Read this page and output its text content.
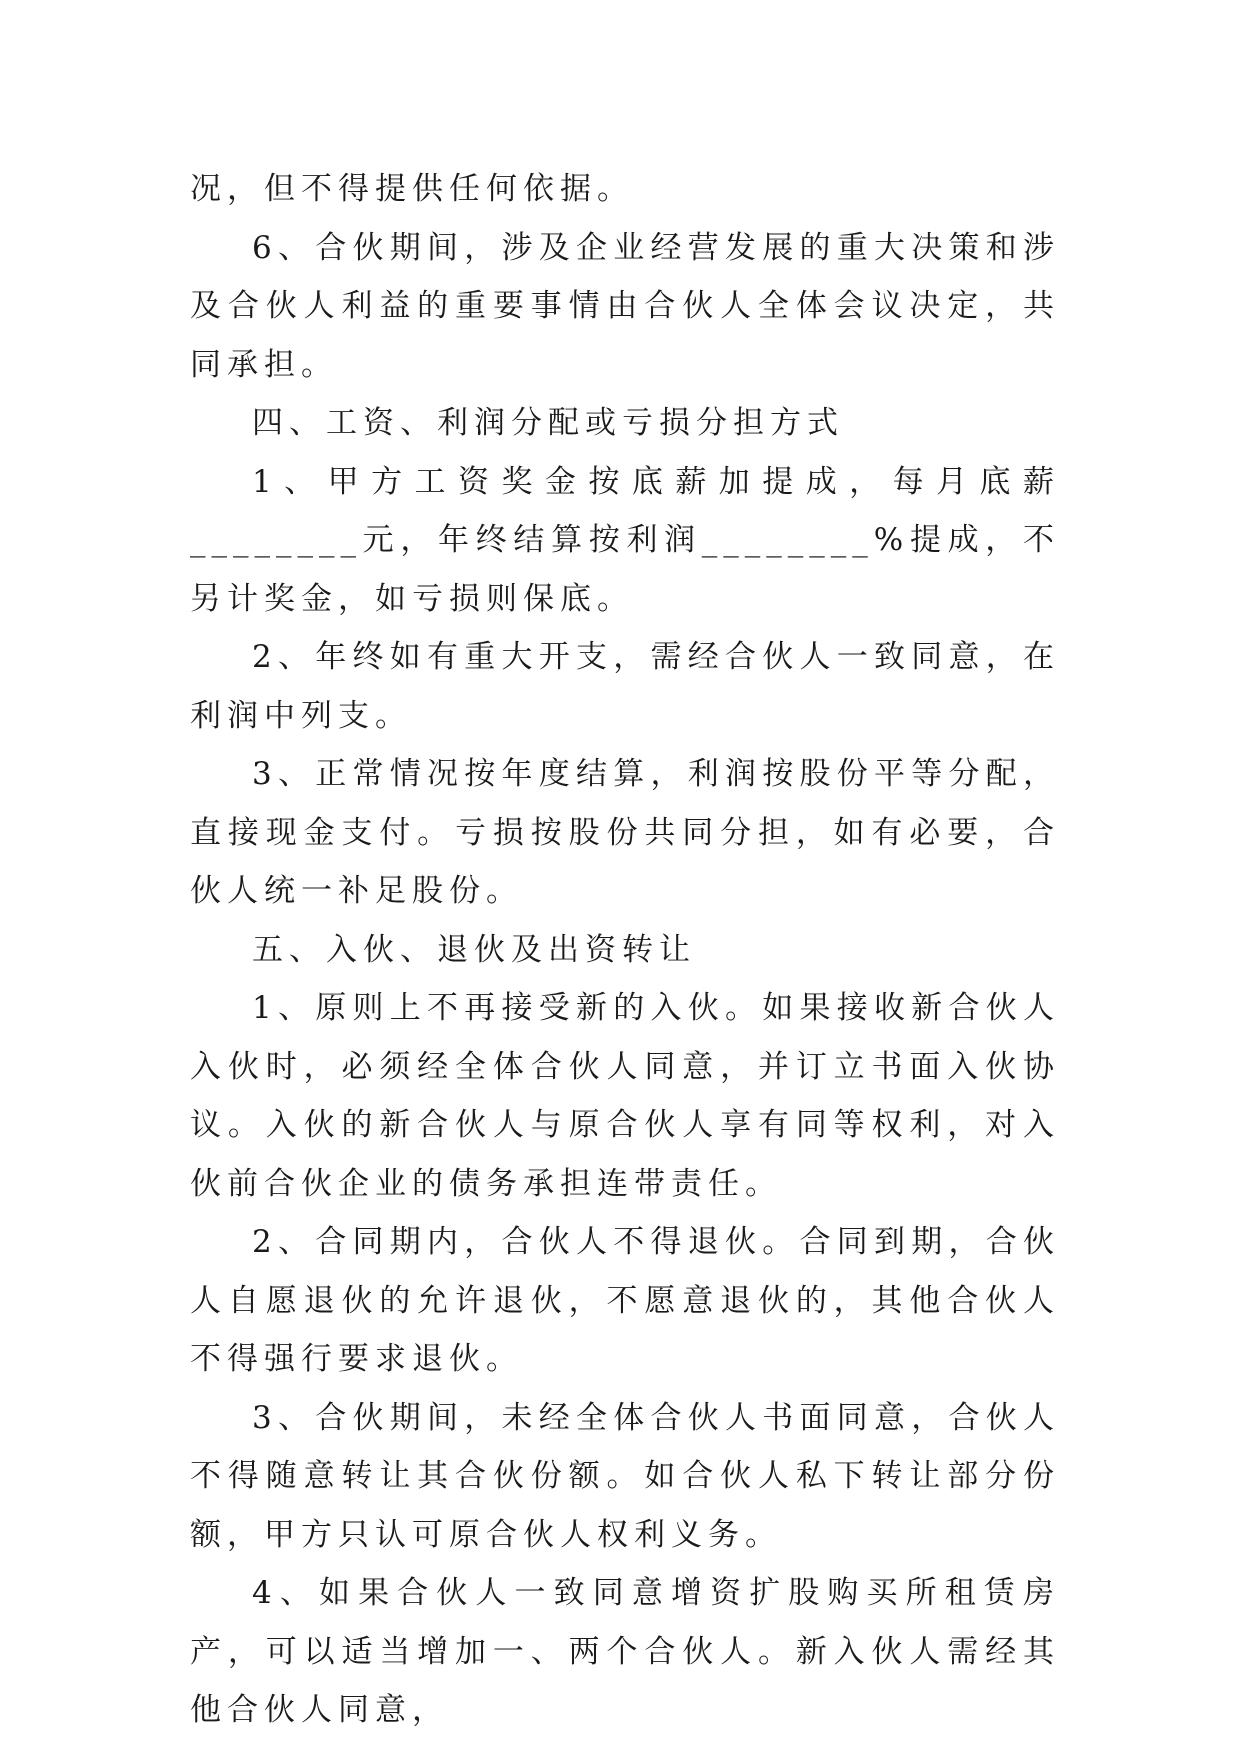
况，但不得提供任何依据。

6、合伙期间，涉及企业经营发展的重大决策和涉及合伙人利益的重要事情由合伙人全体会议决定，共同承担。

四、工资、利润分配或亏损分担方式

1、甲方工资奖金按底薪加提成，每月底薪________元，年终结算按利润________%提成，不另计奖金，如亏损则保底。

2、年终如有重大开支，需经合伙人一致同意，在利润中列支。

3、正常情况按年度结算，利润按股份平等分配，直接现金支付。亏损按股份共同分担，如有必要，合伙人统一补足股份。

五、入伙、退伙及出资转让

1、原则上不再接受新的入伙。如果接收新合伙人入伙时，必须经全体合伙人同意，并订立书面入伙协议。入伙的新合伙人与原合伙人享有同等权利，对入伙前合伙企业的债务承担连带责任。

2、合同期内，合伙人不得退伙。合同到期，合伙人自愿退伙的允许退伙，不愿意退伙的，其他合伙人不得强行要求退伙。

3、合伙期间，未经全体合伙人书面同意，合伙人不得随意转让其合伙份额。如合伙人私下转让部分份额，甲方只认可原合伙人权利义务。

4、如果合伙人一致同意增资扩股购买所租赁房产，可以适当增加一、两个合伙人。新入伙人需经其他合伙人同意，
